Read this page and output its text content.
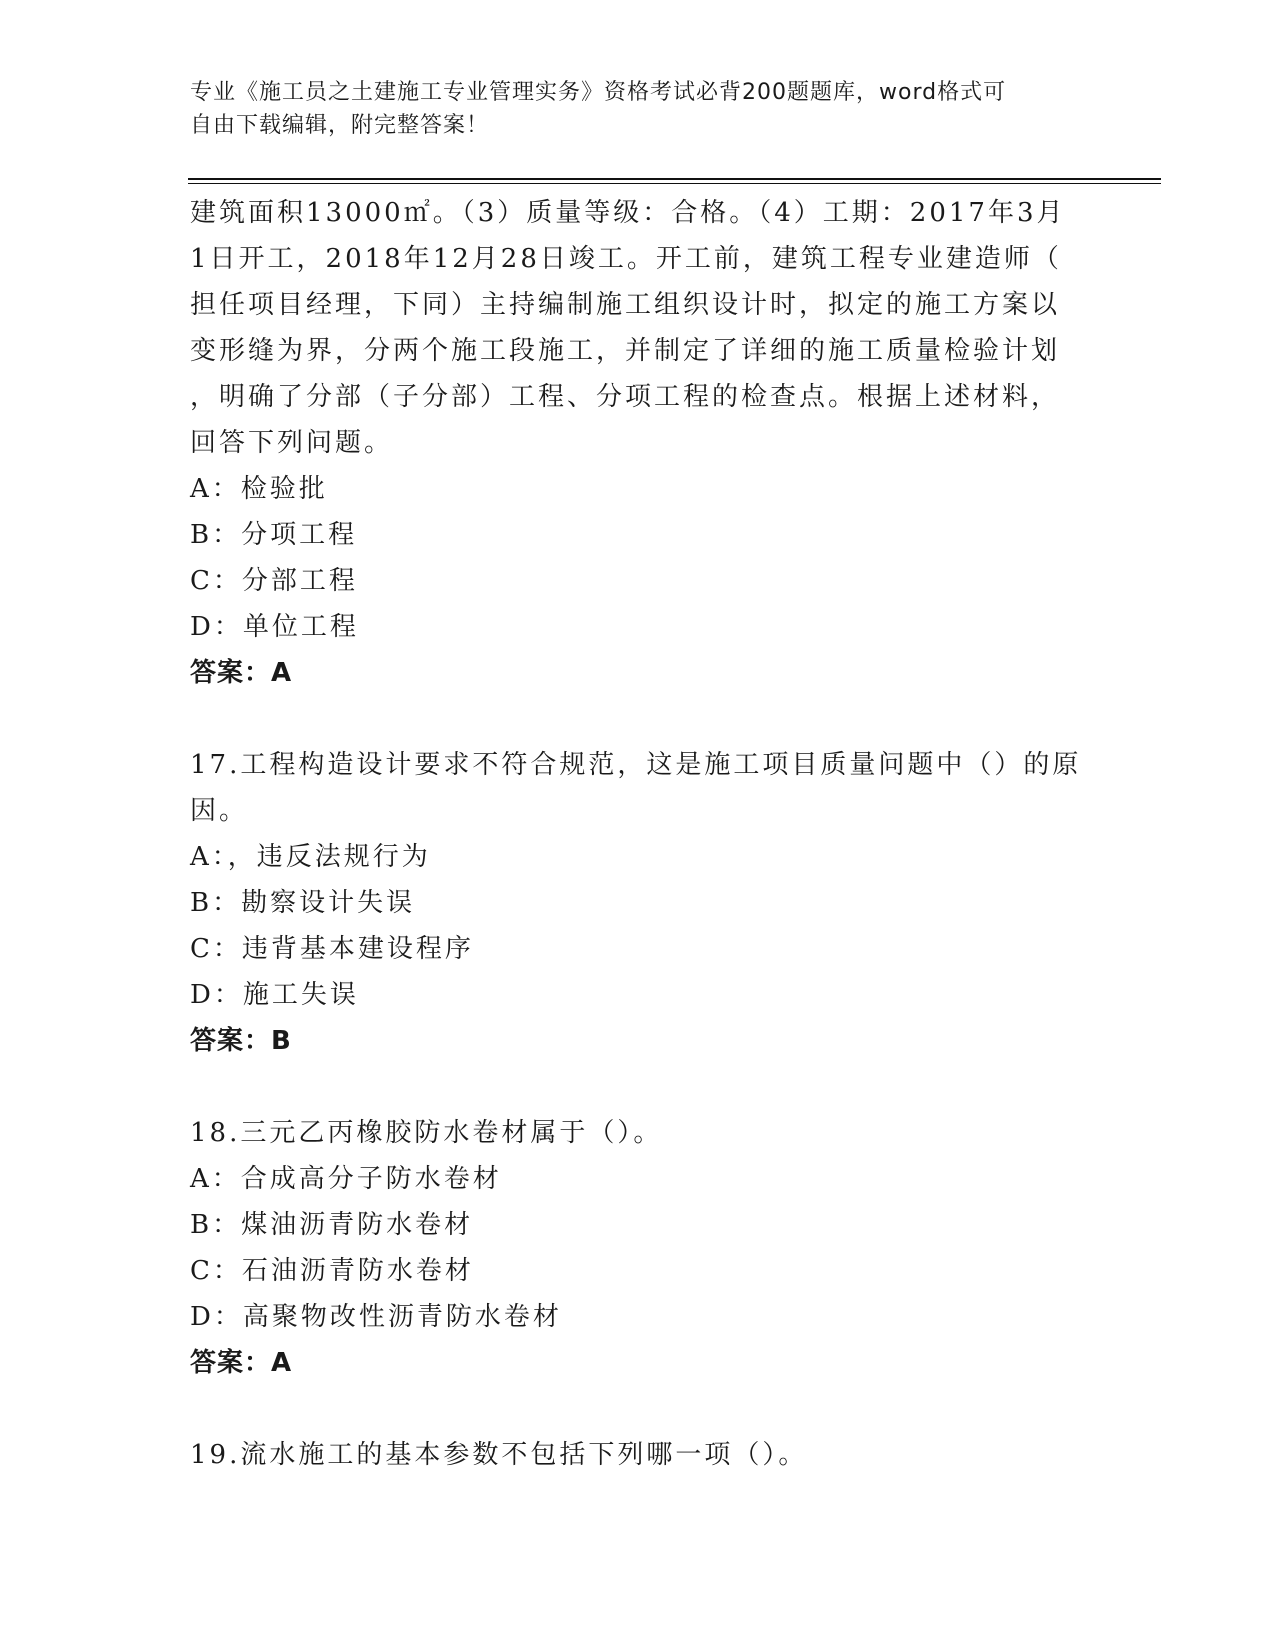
专业《施工员之土建施工专业管理实务》资格考试必背200题题库，word格式可
自由下载编辑，附完整答案！
建筑面积13000㎡。（3）质量等级：合格。（4）工期：2017年3月
1日开工，2018年12月28日竣工。开工前，建筑工程专业建造师（
担任项目经理，下同）主持编制施工组织设计时，拟定的施工方案以
变形缝为界，分两个施工段施工，并制定了详细的施工质量检验计划
，明确了分部（子分部）工程、分项工程的检查点。根据上述材料，
回答下列问题。
A：检验批
B：分项工程
C：分部工程
D：单位工程
答案：A
17.工程构造设计要求不符合规范，这是施工项目质量问题中（）的原
因。
A：，违反法规行为
B：勘察设计失误
C：违背基本建设程序
D：施工失误
答案：B
18.三元乙丙橡胶防水卷材属于（）。
A：合成高分子防水卷材
B：煤油沥青防水卷材
C：石油沥青防水卷材
D：高聚物改性沥青防水卷材
答案：A
19.流水施工的基本参数不包括下列哪一项（）。
